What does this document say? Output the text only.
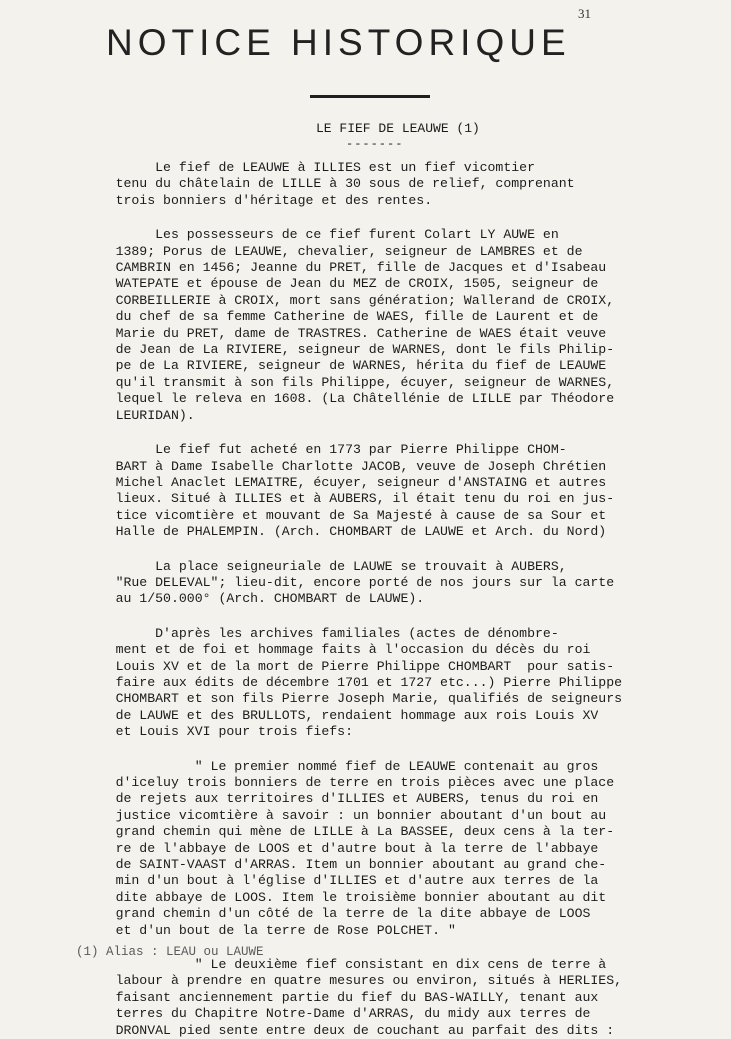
31
NOTICE HISTORIQUE
LE FIEF DE LEAUWE (1)
-------

Le fief de LEAUWE à ILLIES est un fief vicomtier
tenu du châtelain de LILLE à 30 sous de relief, comprenant
trois bonniers d'héritage et des rentes.

Les possesseurs de ce fief furent Colart LY AUWE en
1389; Porus de LEAUWE, chevalier, seigneur de LAMBRES et de
CAMBRIN en 1456; Jeanne du PRET, fille de Jacques et d'Isabeau
WATEPATE et épouse de Jean du MEZ de CROIX, 1505, seigneur de
CORBEILLERIE à CROIX, mort sans génération; Wallerand de CROIX,
du chef de sa femme Catherine de WAES, fille de Laurent et de
Marie du PRET, dame de TRASTRES. Catherine de WAES était veuve
de Jean de La RIVIERE, seigneur de WARNES, dont le fils Philip-
pe de La RIVIERE, seigneur de WARNES, hérita du fief de LEAUWE
qu'il transmit à son fils Philippe, écuyer, seigneur de WARNES,
lequel le releva en 1608. (La Châtellénie de LILLE par Théodore
LEURIDAN).

Le fief fut acheté en 1773 par Pierre Philippe CHOM-
BART à Dame Isabelle Charlotte JACOB, veuve de Joseph Chrétien
Michel Anaclet LEMAITRE, écuyer, seigneur d'ANSTAING et autres
lieux. Situé à ILLIES et à AUBERS, il était tenu du roi en jus-
tice vicomtière et mouvant de Sa Majesté à cause de sa Sour et
Halle de PHALEMPIN. (Arch. CHOMBART de LAUWE et Arch. du Nord)

La place seigneuriale de LAUWE se trouvait à AUBERS,
"Rue DELEVAL"; lieu-dit, encore porté de nos jours sur la carte
au 1/50.000° (Arch. CHOMBART de LAUWE).

D'après les archives familiales (actes de dénombre-
ment et de foi et hommage faits à l'occasion du décès du roi
Louis XV et de la mort de Pierre Philippe CHOMBART  pour satis-
faire aux édits de décembre 1701 et 1727 etc...) Pierre Philippe
CHOMBART et son fils Pierre Joseph Marie, qualifiés de seigneurs
de LAUWE et des BRULLOTS, rendaient hommage aux rois Louis XV
et Louis XVI pour trois fiefs:

" Le premier nommé fief de LEAUWE contenait au gros
d'iceluy trois bonniers de terre en trois pièces avec une place
de rejets aux territoires d'ILLIES et AUBERS, tenus du roi en
justice vicomtière à savoir : un bonnier aboutant d'un bout au
grand chemin qui mène de LILLE à La BASSEE, deux cens à la ter-
re de l'abbaye de LOOS et d'autre bout à la terre de l'abbaye
de SAINT-VAAST d'ARRAS. Item un bonnier aboutant au grand che-
min d'un bout à l'église d'ILLIES et d'autre aux terres de la
dite abbaye de LOOS. Item le troisième bonnier aboutant au dit
grand chemin d'un côté de la terre de la dite abbaye de LOOS
et d'un bout de la terre de Rose POLCHET. "

" Le deuxième fief consistant en dix cens de terre à
labour à prendre en quatre mesures ou environ, situés à HERLIES,
faisant anciennement partie du fief du BAS-WAILLY, tenant aux
terres du Chapitre Notre-Dame d'ARRAS, du midy aux terres de
DRONVAL pied sente entre deux de couchant au parfait des dits :

(1) Alias : LEAU ou LAUWE
